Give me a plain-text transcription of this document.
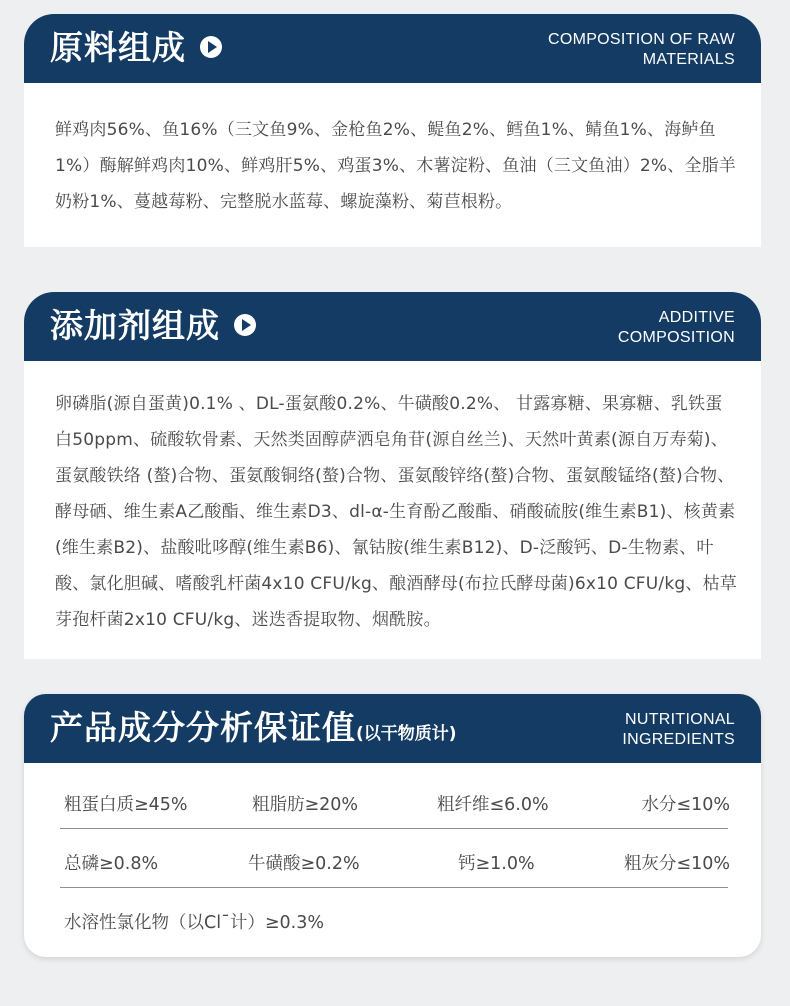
原料组成	COMPOSITION OF RAW
MATERIALS
鲜鸡肉56%、鱼16%（三文鱼9%、金枪鱼2%、鳀鱼2%、鳕鱼1%、鲭鱼1%、海鲈鱼1%）酶解鲜鸡肉10%、鲜鸡肝5%、鸡蛋3%、木薯淀粉、鱼油（三文鱼油）2%、全脂羊奶粉1%、蔓越莓粉、完整脱水蓝莓、螺旋藻粉、菊苣根粉。
添加剂组成	ADDITIVE
COMPOSITION
卵磷脂(源自蛋黄)0.1% 、DL-蛋氨酸0.2%、牛磺酸0.2%、 甘露寡糖、果寡糖、乳铁蛋白50ppm、硫酸软骨素、天然类固醇萨洒皂角苷(源自丝兰)、天然叶黄素(源自万寿菊)、蛋氨酸铁络 (螯)合物、蛋氨酸铜络(螯)合物、蛋氨酸锌络(螯)合物、蛋氨酸锰络(螯)合物、酵母硒、维生素A乙酸酯、维生素D3、dl-α-生育酚乙酸酯、硝酸硫胺(维生素B1)、核黄素(维生素B2)、盐酸吡哆醇(维生素B6)、氰钴胺(维生素B12)、D-泛酸钙、D-生物素、叶酸、氯化胆碱、嗜酸乳杆菌4x10 CFU/kg、酿酒酵母(布拉氏酵母菌)6x10 CFU/kg、枯草芽孢杆菌2x10 CFU/kg、迷迭香提取物、烟酰胺。
产品成分分析保证值(以干物质计)
NUTRITIONAL
INGREDIENTS
粗蛋白质≥45%	粗脂肪≥20%	粗纤维≤6.0%	水分≤10%
总磷≥0.8%	牛磺酸≥0.2%	钙≥1.0%	粗灰分≤10%
水溶性氯化物（以Cl¯计）≥0.3%
